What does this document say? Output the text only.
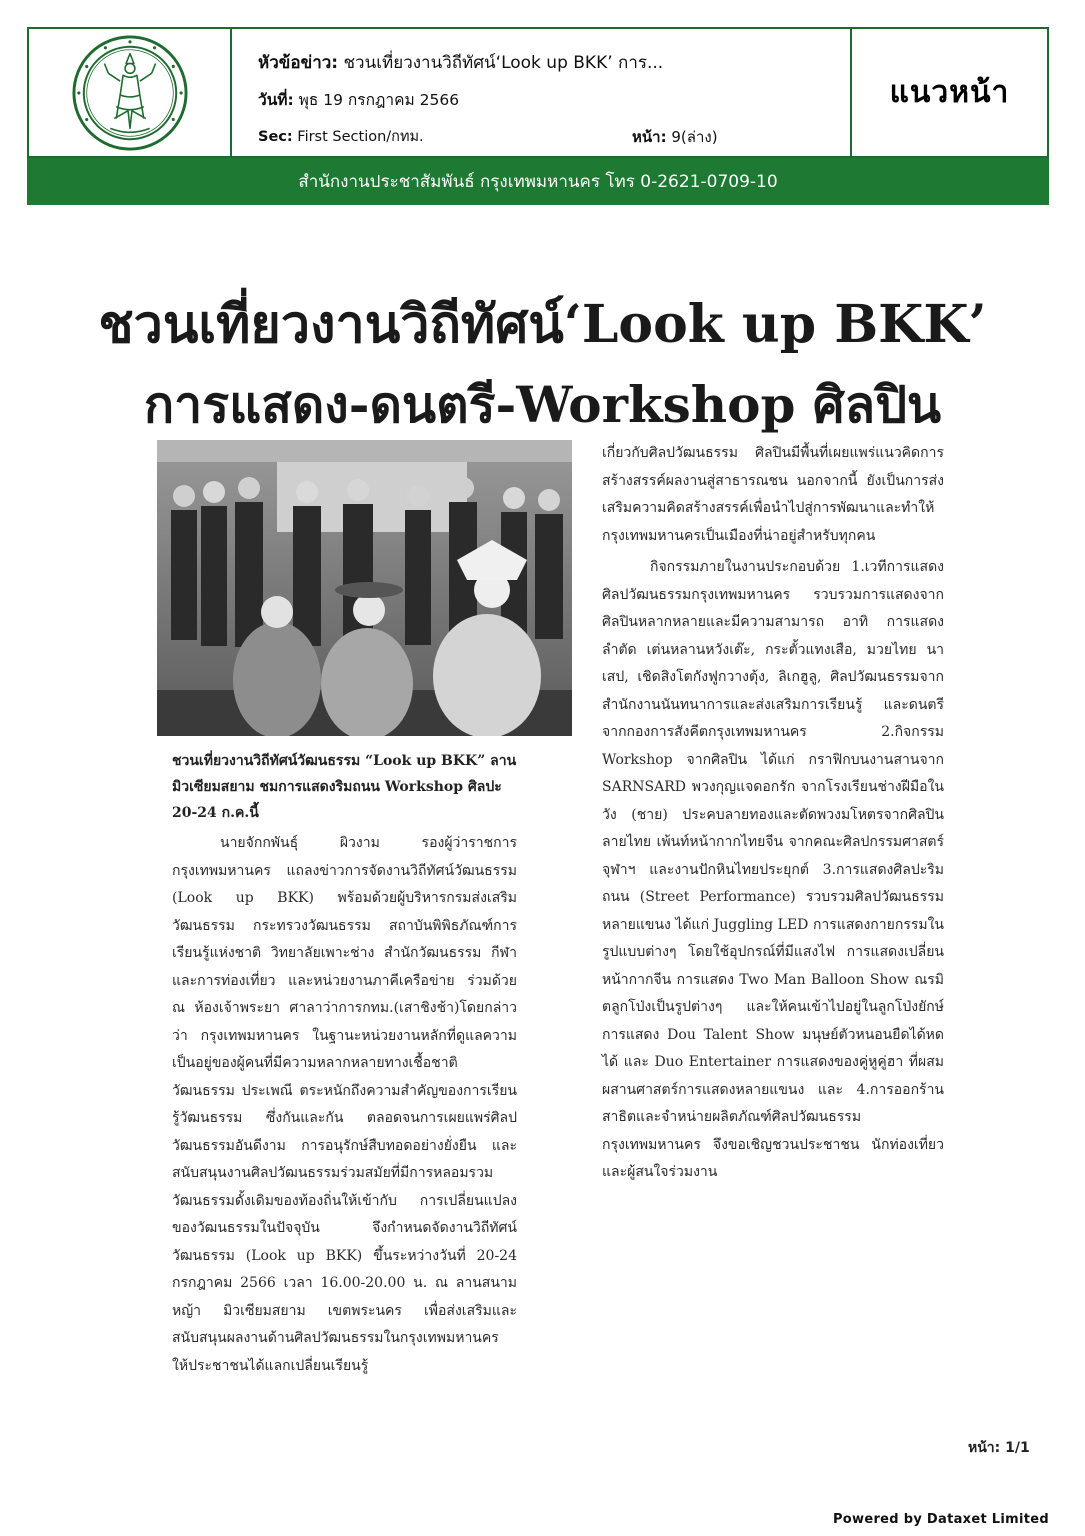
หัวข้อข่าว: ชวนเที่ยวงานวิถีทัศน์‘Look up BKK’ การ...
วันที่: พุธ 19 กรกฎาคม 2566
Sec: First Section/กทม.	หน้า: 9(ล่าง)
แนวหน้า
สำนักงานประชาสัมพันธ์ กรุงเทพมหานคร โทร 0-2621-0709-10
ชวนเที่ยวงานวิถีทัศน์‘Look up BKK’
การแสดง-ดนตรี-Workshop ศิลปิน
ชวนเที่ยวงานวิถีทัศน์วัฒนธรรม “Look up BKK” ลานมิวเซียมสยาม ชมการแสดงริมถนน Workshop ศิลปะ 20-24 ก.ค.นี้

นายจักกพันธุ์ ผิวงาม รองผู้ว่าราชการกรุงเทพมหานคร แถลงข่าวการจัดงานวิถีทัศน์วัฒนธรรม (Look up BKK) พร้อมด้วยผู้บริหารกรมส่งเสริมวัฒนธรรม กระทรวงวัฒนธรรม สถาบันพิพิธภัณฑ์การเรียนรู้แห่งชาติ วิทยาลัยเพาะช่าง สำนักวัฒนธรรม กีฬาและการท่องเที่ยว และหน่วยงานภาคีเครือข่าย ร่วมด้วย ณ ห้องเจ้าพระยา ศาลาว่าการกทม.(เสาชิงช้า)โดยกล่าวว่า กรุงเทพมหานคร ในฐานะหน่วยงานหลักที่ดูแลความเป็นอยู่ของผู้คนที่มีความหลากหลายทางเชื้อชาติ วัฒนธรรม ประเพณี ตระหนักถึงความสำคัญของการเรียนรู้วัฒนธรรม ซึ่งกันและกัน ตลอดจนการเผยแพร่ศิลปวัฒนธรรมอันดีงาม การอนุรักษ์สืบทอดอย่างยั่งยืน และสนับสนุนงานศิลปวัฒนธรรมร่วมสมัยที่มีการหลอมรวมวัฒนธรรมดั้งเดิมของท้องถิ่นให้เข้ากับ การเปลี่ยนแปลงของวัฒนธรรมในปัจจุบัน จึงกำหนดจัดงานวิถีทัศน์วัฒนธรรม (Look up BKK) ขึ้นระหว่างวันที่ 20-24 กรกฎาคม 2566 เวลา 16.00-20.00 น. ณ ลานสนามหญ้า มิวเซียมสยาม เขตพระนคร เพื่อส่งเสริมและสนับสนุนผลงานด้านศิลปวัฒนธรรมในกรุงเทพมหานคร ให้ประชาชนได้แลกเปลี่ยนเรียนรู้

เกี่ยวกับศิลปวัฒนธรรม ศิลปินมีพื้นที่เผยแพร่แนวคิดการสร้างสรรค์ผลงานสู่สาธารณชน นอกจากนี้ ยังเป็นการส่งเสริมความคิดสร้างสรรค์เพื่อนำไปสู่การพัฒนาและทำให้กรุงเทพมหานครเป็นเมืองที่น่าอยู่สำหรับทุกคน

กิจกรรมภายในงานประกอบด้วย 1.เวทีการแสดงศิลปวัฒนธรรมกรุงเทพมหานคร รวบรวมการแสดงจากศิลปินหลากหลายและมีความสามารถ อาทิ การแสดง ลำตัด เต่นหลานหวังเต๊ะ, กระตั้วแทงเสือ, มวยไทย นาเสป, เชิดสิงโตกังฟูกวางตุ้ง, ลิเกฮูลู, ศิลปวัฒนธรรมจากสำนักงานนันทนาการและส่งเสริมการเรียนรู้ และดนตรีจากกองการสังคีตกรุงเทพมหานคร 2.กิจกรรม Workshop จากศิลปิน ได้แก่ กราฟิกบนงานสานจาก SARNSARD พวงกุญแจดอกรัก จากโรงเรียนช่างฝีมือในวัง (ชาย) ประคบลายทองและตัดพวงมโหตรจากศิลปินลายไทย เพ้นท์หน้ากากไทยจีน จากคณะศิลปกรรมศาสตร์ จุฬาฯ และงานปักหินไทยประยุกต์ 3.การแสดงศิลปะริมถนน (Street Performance) รวบรวมศิลปวัฒนธรรม หลายแขนง ได้แก่ Juggling LED การแสดงกายกรรมในรูปแบบต่างๆ โดยใช้อุปกรณ์ที่มีแสงไฟ การแสดงเปลี่ยนหน้ากากจีน การแสดง Two Man Balloon Show ณรมิตลูกโป่งเป็นรูปต่างๆ และให้คนเข้าไปอยู่ในลูกโป่งยักษ์ การแสดง Dou Talent Show มนุษย์ตัวหนอนยืดได้หดได้ และ Duo Entertainer การแสดงของคู่หูคู่ฮา ที่ผสมผสานศาสตร์การแสดงหลายแขนง และ 4.การออกร้านสาธิตและจำหน่ายผลิตภัณฑ์ศิลปวัฒนธรรมกรุงเทพมหานคร จึงขอเชิญชวนประชาชน นักท่องเที่ยว และผู้สนใจร่วมงาน

หน้า: 1/1
Powered by Dataxet Limited
